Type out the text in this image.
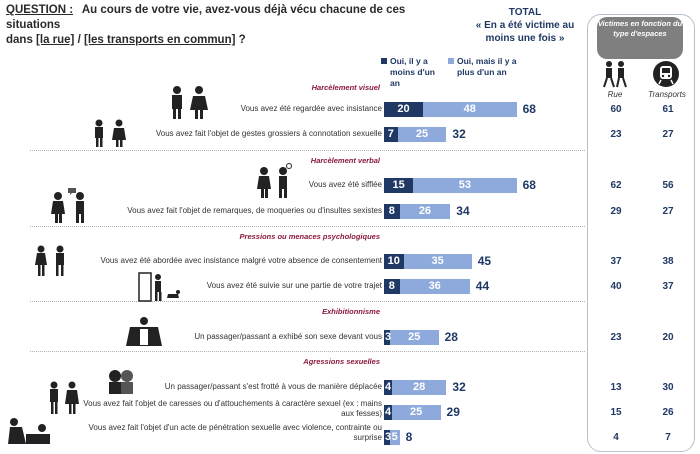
QUESTION : Au cours de votre vie, avez-vous déjà vécu chacune de ces situations
dans [la rue] / [les transports en commun] ?
TOTAL
« En a été victime au moins une fois »
Oui, il y a moins d'un an
Oui, mais il y a plus d'un an
Victimes en fonction du type d'espaces
Rue	Transports
Harcèlement visuel
Harcèlement verbal
Pressions ou menaces psychologiques
Exhibitionnisme
Agressions sexuelles
Vous avez été regardée avec insistance	20	48	68	60	61
Vous avez fait l'objet de gestes grossiers à connotation sexuelle 7	25	32	23	27
Vous avez été sifflée 15	53	68	62	56
Vous avez fait l'objet de remarques, de moqueries ou d'insultes sexistes 8	26	34	29	27
Vous avez été abordée avec insistance malgré votre absence de consentement 10	35	45	37	38
Vous avez été suivie sur une partie de votre trajet 8	36	44	40	37
Un passager/passant a exhibé son sexe devant vous 3	25	28	23	20
Un passager/passant s'est frotté à vous de manière déplacée 4	28	32	13	30
Vous avez fait l'objet de caresses ou d'attouchements à caractère sexuel (ex : mains aux fesses) 4	25	29	15	26
Vous avez fait l'objet d'un acte de pénétration sexuelle avec violence, contrainte ou surprise 3 5 8	4	7
